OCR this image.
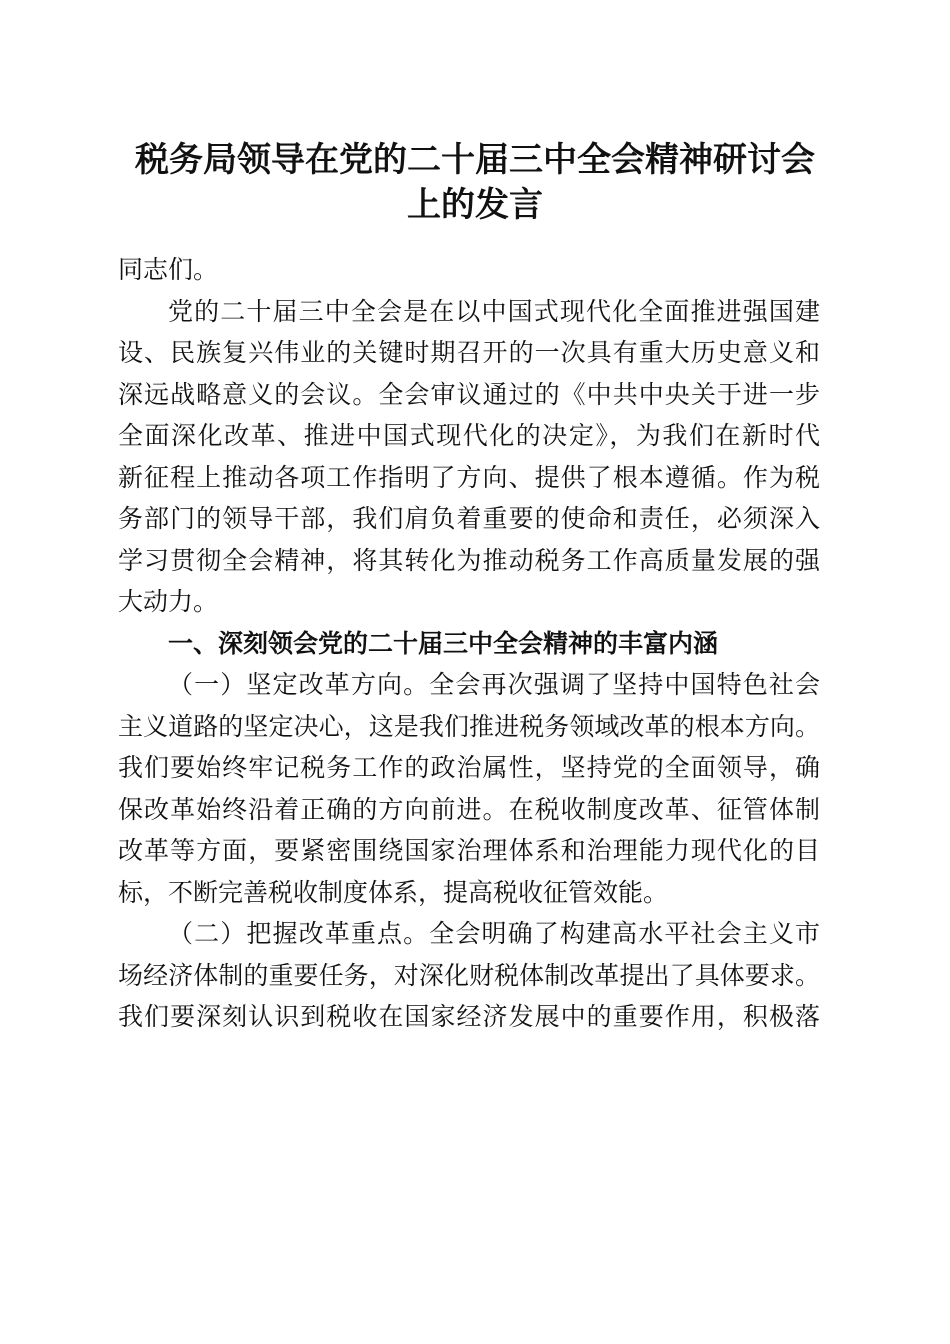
税务局领导在党的二十届三中全会精神研讨会
上的发言
同志们。
党的二十届三中全会是在以中国式现代化全面推进强国建
设、民族复兴伟业的关键时期召开的一次具有重大历史意义和
深远战略意义的会议。全会审议通过的《中共中央关于进一步
全面深化改革、推进中国式现代化的决定》，为我们在新时代
新征程上推动各项工作指明了方向、提供了根本遵循。作为税
务部门的领导干部，我们肩负着重要的使命和责任，必须深入
学习贯彻全会精神，将其转化为推动税务工作高质量发展的强
大动力。
一、深刻领会党的二十届三中全会精神的丰富内涵
（一）坚定改革方向。全会再次强调了坚持中国特色社会
主义道路的坚定决心，这是我们推进税务领域改革的根本方向。
我们要始终牢记税务工作的政治属性，坚持党的全面领导，确
保改革始终沿着正确的方向前进。在税收制度改革、征管体制
改革等方面，要紧密围绕国家治理体系和治理能力现代化的目
标，不断完善税收制度体系，提高税收征管效能。
（二）把握改革重点。全会明确了构建高水平社会主义市
场经济体制的重要任务，对深化财税体制改革提出了具体要求。
我们要深刻认识到税收在国家经济发展中的重要作用，积极落
